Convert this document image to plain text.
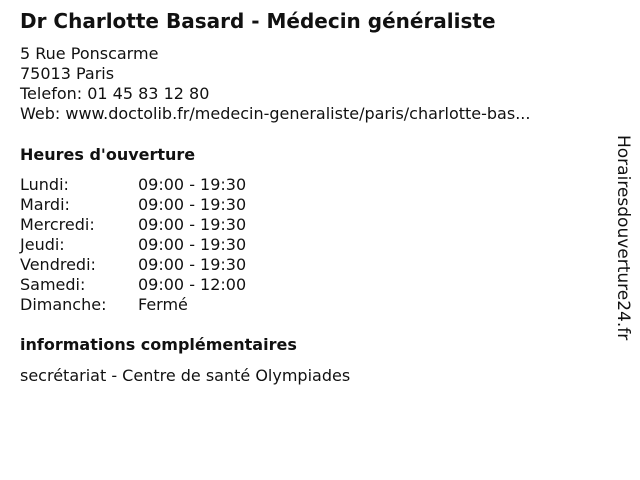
Dr Charlotte Basard - Médecin généraliste
5 Rue Ponscarme
75013 Paris
Telefon: 01 45 83 12 80
Web: www.doctolib.fr/medecin-generaliste/paris/charlotte-bas...
Heures d'ouverture
Lundi:	09:00 - 19:30
Mardi:	09:00 - 19:30
Mercredi:	09:00 - 19:30
Jeudi:	09:00 - 19:30
Vendredi:	09:00 - 19:30
Samedi:	09:00 - 12:00
Dimanche: Fermé
informations complémentaires
secrétariat - Centre de santé Olympiades
Horairesdouverture24.fr
